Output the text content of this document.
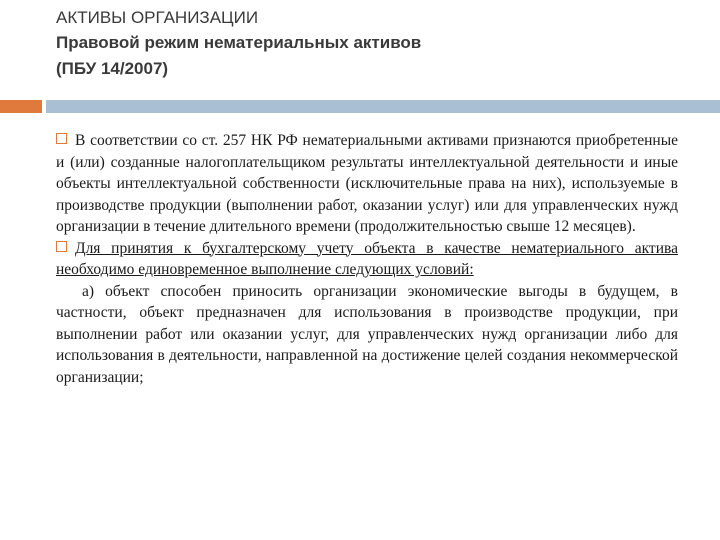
АКТИВЫ ОРГАНИЗАЦИИ
Правовой режим нематериальных активов
(ПБУ 14/2007)

В соответствии со ст. 257 НК РФ нематериальными активами признаются приобретенные и (или) созданные налогоплательщиком результаты интеллектуальной деятельности и иные объекты интеллектуальной собственности (исключительные права на них), используемые в производстве продукции (выполнении работ, оказании услуг) или для управленческих нужд организации в течение длительного времени (продолжительностью свыше 12 месяцев).

Для принятия к бухгалтерскому учету объекта в качестве нематериального актива необходимо единовременное выполнение следующих условий:

а) объект способен приносить организации экономические выгоды в будущем, в частности, объект предназначен для использования в производстве продукции, при выполнении работ или оказании услуг, для управленческих нужд организации либо для использования в деятельности, направленной на достижение целей создания некоммерческой организации;
